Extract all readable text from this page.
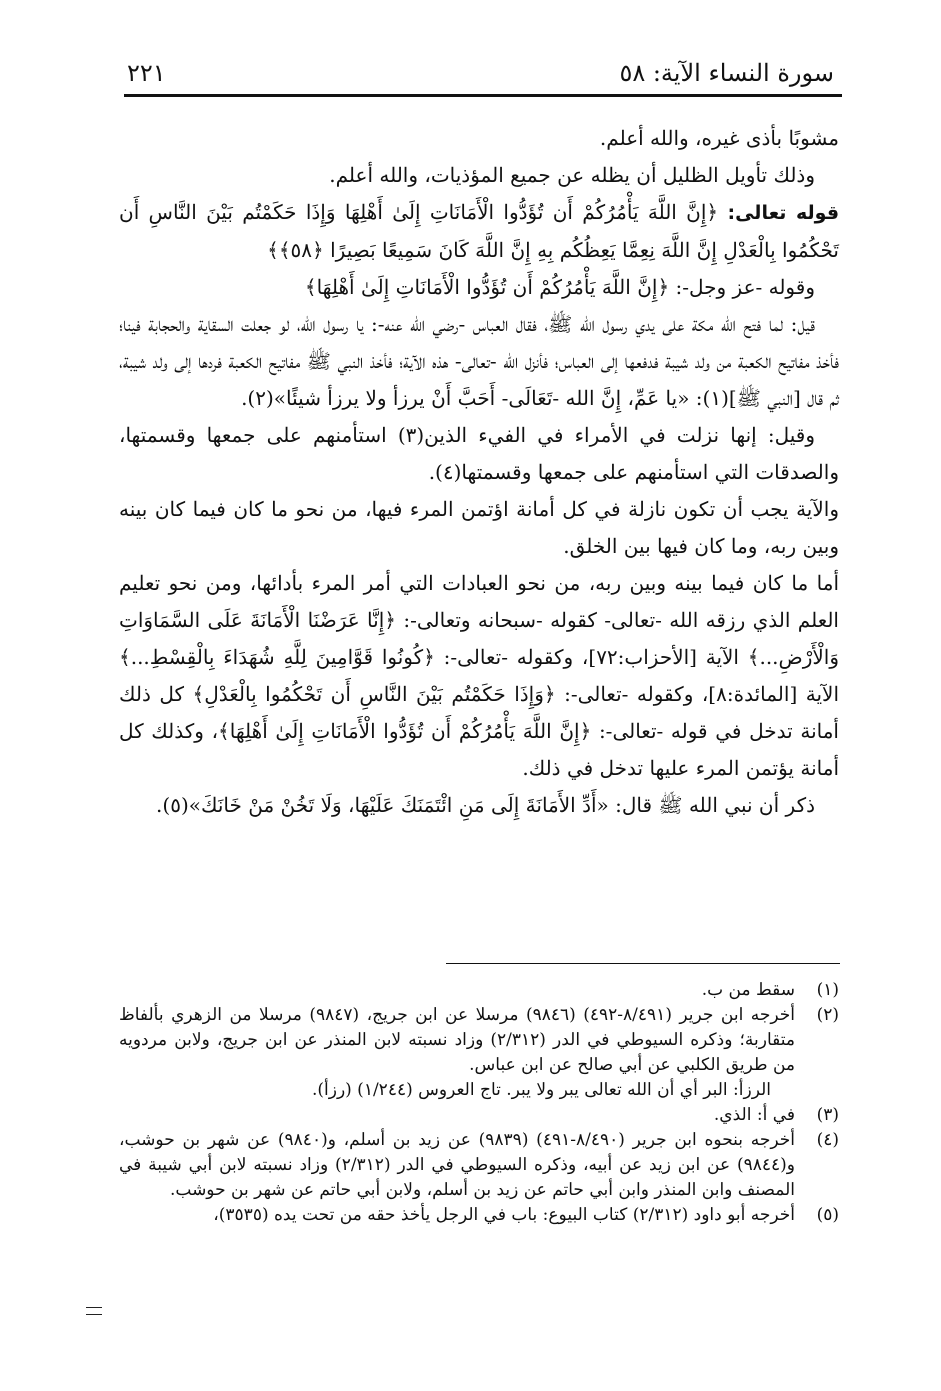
سورة النساء الآية: ٥٨
٢٢١

مشوبًا بأذى غيره، والله أعلم.

وذلك تأويل الظليل أن يظله عن جميع المؤذيات، والله أعلم.

قوله تعالى: ﴿إِنَّ اللَّهَ يَأْمُرُكُمْ أَن تُؤَدُّوا الْأَمَانَاتِ إِلَىٰ أَهْلِهَا وَإِذَا حَكَمْتُم بَيْنَ النَّاسِ أَن تَحْكُمُوا بِالْعَدْلِ إِنَّ اللَّهَ نِعِمَّا يَعِظُكُم بِهِ إِنَّ اللَّهَ كَانَ سَمِيعًا بَصِيرًا ﴿٥٨﴾﴾

وقوله -عز وجل-: ﴿إِنَّ اللَّهَ يَأْمُرُكُمْ أَن تُؤَدُّوا الْأَمَانَاتِ إِلَىٰ أَهْلِهَا﴾

قيل: لما فتح الله مكة على يدي رسول الله ﷺ، فقال العباس -رضي الله عنه-: يا رسول الله، لو جعلت السقاية والحجابة فينا؛ فأخذ مفاتيح الكعبة من ولد شيبة فدفعها إلى العباس؛ فأنزل الله -تعالى- هذه الآية؛ فأخذ النبي ﷺ مفاتيح الكعبة فردها إلى ولد شيبة، ثم قال [النبي ﷺ](١): «يا عَمِّ، إِنَّ الله -تَعَالَى- أَحَبَّ أَنْ يرزأ ولا يرزأ شيئًا»(٢).

وقيل: إنها نزلت في الأمراء في الفيء الذين(٣) استأمنهم على جمعها وقسمتها، والصدقات التي استأمنهم على جمعها وقسمتها(٤).

والآية يجب أن تكون نازلة في كل أمانة اؤتمن المرء فيها، من نحو ما كان فيما كان بينه وبين ربه، وما كان فيها بين الخلق.

أما ما كان فيما بينه وبين ربه، من نحو العبادات التي أمر المرء بأدائها، ومن نحو تعليم العلم الذي رزقه الله -تعالى- كقوله -سبحانه وتعالى-: ﴿إِنَّا عَرَضْنَا الْأَمَانَةَ عَلَى السَّمَاوَاتِ وَالْأَرْضِ...﴾ الآية [الأحزاب:٧٢]، وكقوله -تعالى-: ﴿كُونُوا قَوَّامِينَ لِلَّهِ شُهَدَاءَ بِالْقِسْطِ...﴾ الآية [المائدة:٨]، وكقوله -تعالى-: ﴿وَإِذَا حَكَمْتُم بَيْنَ النَّاسِ أَن تَحْكُمُوا بِالْعَدْلِ﴾ كل ذلك أمانة تدخل في قوله -تعالى-: ﴿إِنَّ اللَّهَ يَأْمُرُكُمْ أَن تُؤَدُّوا الْأَمَانَاتِ إِلَىٰ أَهْلِهَا﴾، وكذلك كل أمانة يؤتمن المرء عليها تدخل في ذلك.

ذكر أن نبي الله ﷺ قال: «أَدِّ الأَمَانَةَ إِلَى مَنِ ائْتَمَنَكَ عَلَيْهَا، وَلَا تَخُنْ مَنْ خَانَكَ»(٥).

(١)
سقط من ب.
(٢)
أخرجه ابن جرير (٨/٤٩١-٤٩٢) (٩٨٤٦) مرسلا عن ابن جريج، (٩٨٤٧) مرسلا من الزهري بألفاظ متقاربة؛ وذكره السيوطي في الدر (٢/٣١٢) وزاد نسبته لابن المنذر عن ابن جريج، ولابن مردويه من طريق الكلبي عن أبي صالح عن ابن عباس.
الرزأ: البر أي أن الله تعالى يبر ولا يبر. تاج العروس (١/٢٤٤) (رزأ).
(٣)
في أ: الذي.
(٤)
أخرجه بنحوه ابن جرير (٨/٤٩٠-٤٩١) (٩٨٣٩) عن زيد بن أسلم، و(٩٨٤٠) عن شهر بن حوشب، و(٩٨٤٤) عن ابن زيد عن أبيه، وذكره السيوطي في الدر (٢/٣١٢) وزاد نسبته لابن أبي شيبة في المصنف وابن المنذر وابن أبي حاتم عن زيد بن أسلم، ولابن أبي حاتم عن شهر بن حوشب.
(٥)
أخرجه أبو داود (٢/٣١٢) كتاب البيوع: باب في الرجل يأخذ حقه من تحت يده (٣٥٣٥)،
